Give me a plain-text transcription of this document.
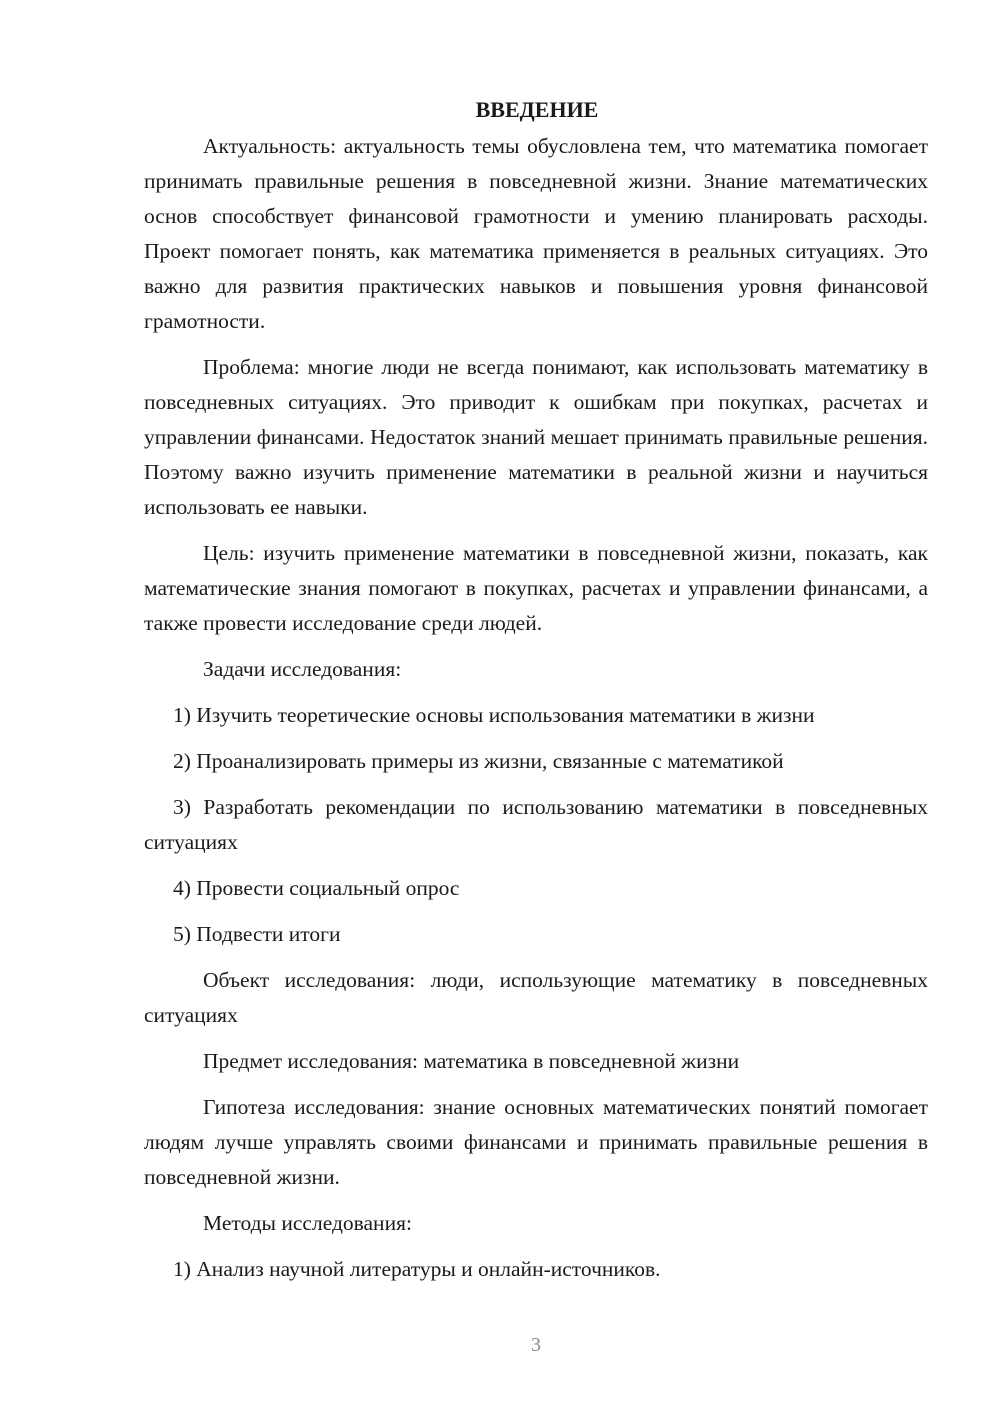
ВВЕДЕНИЕ

Актуальность: актуальность темы обусловлена тем, что математика помогает принимать правильные решения в повседневной жизни. Знание математических основ способствует финансовой грамотности и умению планировать расходы. Проект помогает понять, как математика применяется в реальных ситуациях. Это важно для развития практических навыков и повышения уровня финансовой грамотности.

Проблема: многие люди не всегда понимают, как использовать математику в повседневных ситуациях. Это приводит к ошибкам при покупках, расчетах и управлении финансами. Недостаток знаний мешает принимать правильные решения. Поэтому важно изучить применение математики в реальной жизни и научиться использовать ее навыки.

Цель: изучить применение математики в повседневной жизни, показать, как математические знания помогают в покупках, расчетах и управлении финансами, а также провести исследование среди людей.

Задачи исследования:

1) Изучить теоретические основы использования математики в жизни

2) Проанализировать примеры из жизни, связанные с математикой

3) Разработать рекомендации по использованию математики в повседневных ситуациях

4) Провести социальный опрос

5) Подвести итоги

Объект исследования: люди, использующие математику в повседневных ситуациях

Предмет исследования: математика в повседневной жизни

Гипотеза исследования: знание основных математических понятий помогает людям лучше управлять своими финансами и принимать правильные решения в повседневной жизни.

Методы исследования:

1) Анализ научной литературы и онлайн-источников.

3
